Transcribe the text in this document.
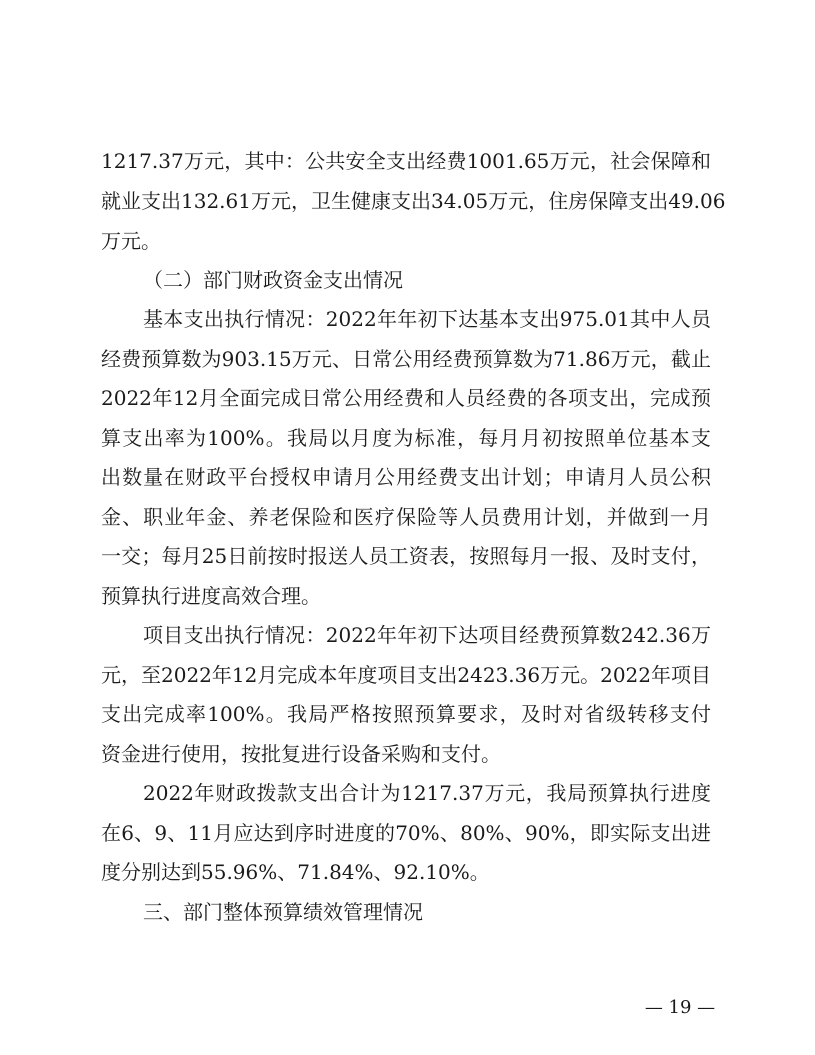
1217.37万元，其中：公共安全支出经费1001.65万元，社会保障和
就业支出132.61万元，卫生健康支出34.05万元，住房保障支出49.06
万元。
（二）部门财政资金支出情况
基本支出执行情况：2022年年初下达基本支出975.01其中人员
经费预算数为903.15万元、日常公用经费预算数为71.86万元，截止
2022年12月全面完成日常公用经费和人员经费的各项支出，完成预
算支出率为100%。我局以月度为标准，每月月初按照单位基本支
出数量在财政平台授权申请月公用经费支出计划；申请月人员公积
金、职业年金、养老保险和医疗保险等人员费用计划，并做到一月
一交；每月25日前按时报送人员工资表，按照每月一报、及时支付，
预算执行进度高效合理。
项目支出执行情况：2022年年初下达项目经费预算数242.36万
元，至2022年12月完成本年度项目支出2423.36万元。2022年项目
支出完成率100%。我局严格按照预算要求，及时对省级转移支付
资金进行使用，按批复进行设备采购和支付。
2022年财政拨款支出合计为1217.37万元，我局预算执行进度
在6、9、11月应达到序时进度的70%、80%、90%，即实际支出进
度分别达到55.96%、71.84%、92.10%。
三、部门整体预算绩效管理情况
— 19 —
